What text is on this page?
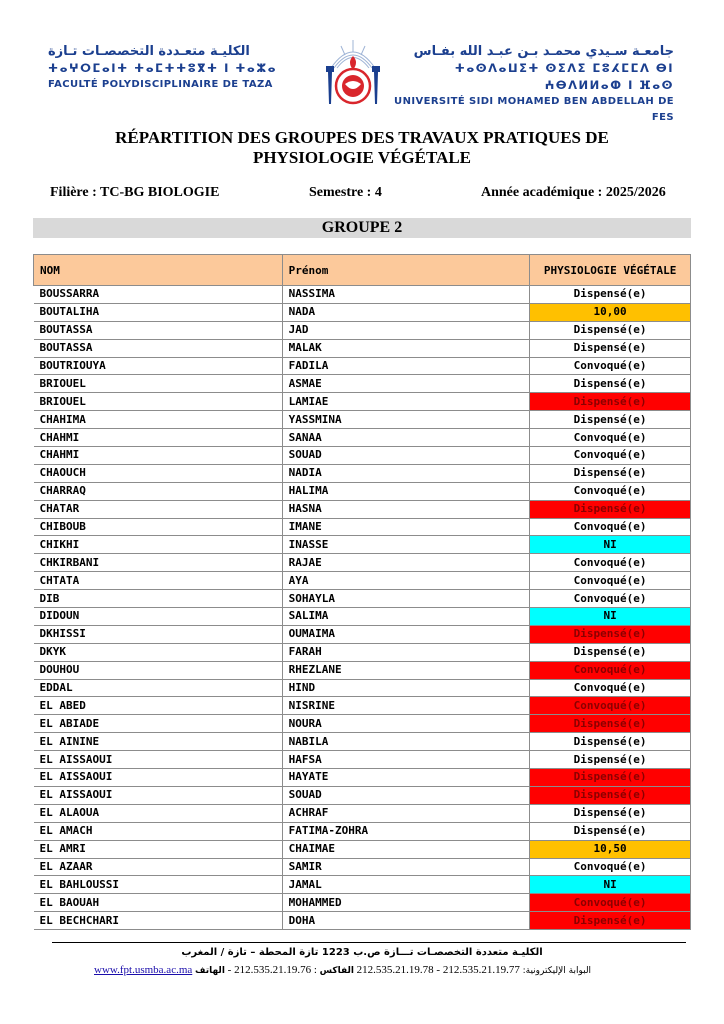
الكليـة متعـددة التخصصـات تـازة
ⵜⴰⵖⵔⵎⴰⵏⵜ ⵜⴰⵎⵜⵜⵓⴳⵜ ⵏ ⵜⴰⵣⴰ
FACULTÉ POLYDISCIPLINAIRE DE TAZA
جامعـة سـيدي محمـد بـن عبـد الله بفـاس
ⵜⴰⵙⴷⴰⵡⵉⵜ ⵙⵉⴷⵉ ⵎⵓⵃⵎⵎⴷ ⴱⵏ ⵄⴱⴷⵍⵍⴰⵀ ⵏ ⴼⴰⵙ
UNIVERSITÉ SIDI MOHAMED BEN ABDELLAH DE FES
RÉPARTITION DES GROUPES DES TRAVAUX PRATIQUES DE
PHYSIOLOGIE VÉGÉTALE
Filière : TC-BG BIOLOGIE	Semestre : 4	Année académique : 2025/2026
GROUPE 2
NOM	Prénom	PHYSIOLOGIE VÉGÉTALE
BOUSSARRA	NASSIMA	Dispensé(e)
BOUTALIHA	NADA	10,00
BOUTASSA	JAD	Dispensé(e)
BOUTASSA	MALAK	Dispensé(e)
BOUTRIOUYA	FADILA	Convoqué(e)
BRIOUEL	ASMAE	Dispensé(e)
BRIOUEL	LAMIAE	Dispensé(e)
CHAHIMA	YASSMINA	Dispensé(e)
CHAHMI	SANAA	Convoqué(e)
CHAHMI	SOUAD	Convoqué(e)
CHAOUCH	NADIA	Dispensé(e)
CHARRAQ	HALIMA	Convoqué(e)
CHATAR	HASNA	Dispensé(e)
CHIBOUB	IMANE	Convoqué(e)
CHIKHI	INASSE	NI
CHKIRBANI	RAJAE	Convoqué(e)
CHTATA	AYA	Convoqué(e)
DIB	SOHAYLA	Convoqué(e)
DIDOUN	SALIMA	NI
DKHISSI	OUMAIMA	Dispensé(e)
DKYK	FARAH	Dispensé(e)
DOUHOU	RHEZLANE	Convoqué(e)
EDDAL	HIND	Convoqué(e)
EL ABED	NISRINE	Convoqué(e)
EL ABIADE	NOURA	Dispensé(e)
EL AININE	NABILA	Dispensé(e)
EL AISSAOUI	HAFSA	Dispensé(e)
EL AISSAOUI	HAYATE	Dispensé(e)
EL AISSAOUI	SOUAD	Dispensé(e)
EL ALAOUA	ACHRAF	Dispensé(e)
EL AMACH	FATIMA-ZOHRA	Dispensé(e)
EL AMRI	CHAIMAE	10,50
EL AZAAR	SAMIR	Convoqué(e)
EL BAHLOUSSI	JAMAL	NI
EL BAOUAH	MOHAMMED	Convoqué(e)
EL BECHCHARI	DOHA	Dispensé(e)
الكليـة متعددة التخصصـات تـــازة ص.ب 1223 تازة المحطة – تازة / المغرب
www.fpt.usmba.ac.ma	البوابة الإليكترونية: 212.535.21.19.77 - 212.535.21.19.78 الفاكس : 212.535.21.19.76 - الهاتف
